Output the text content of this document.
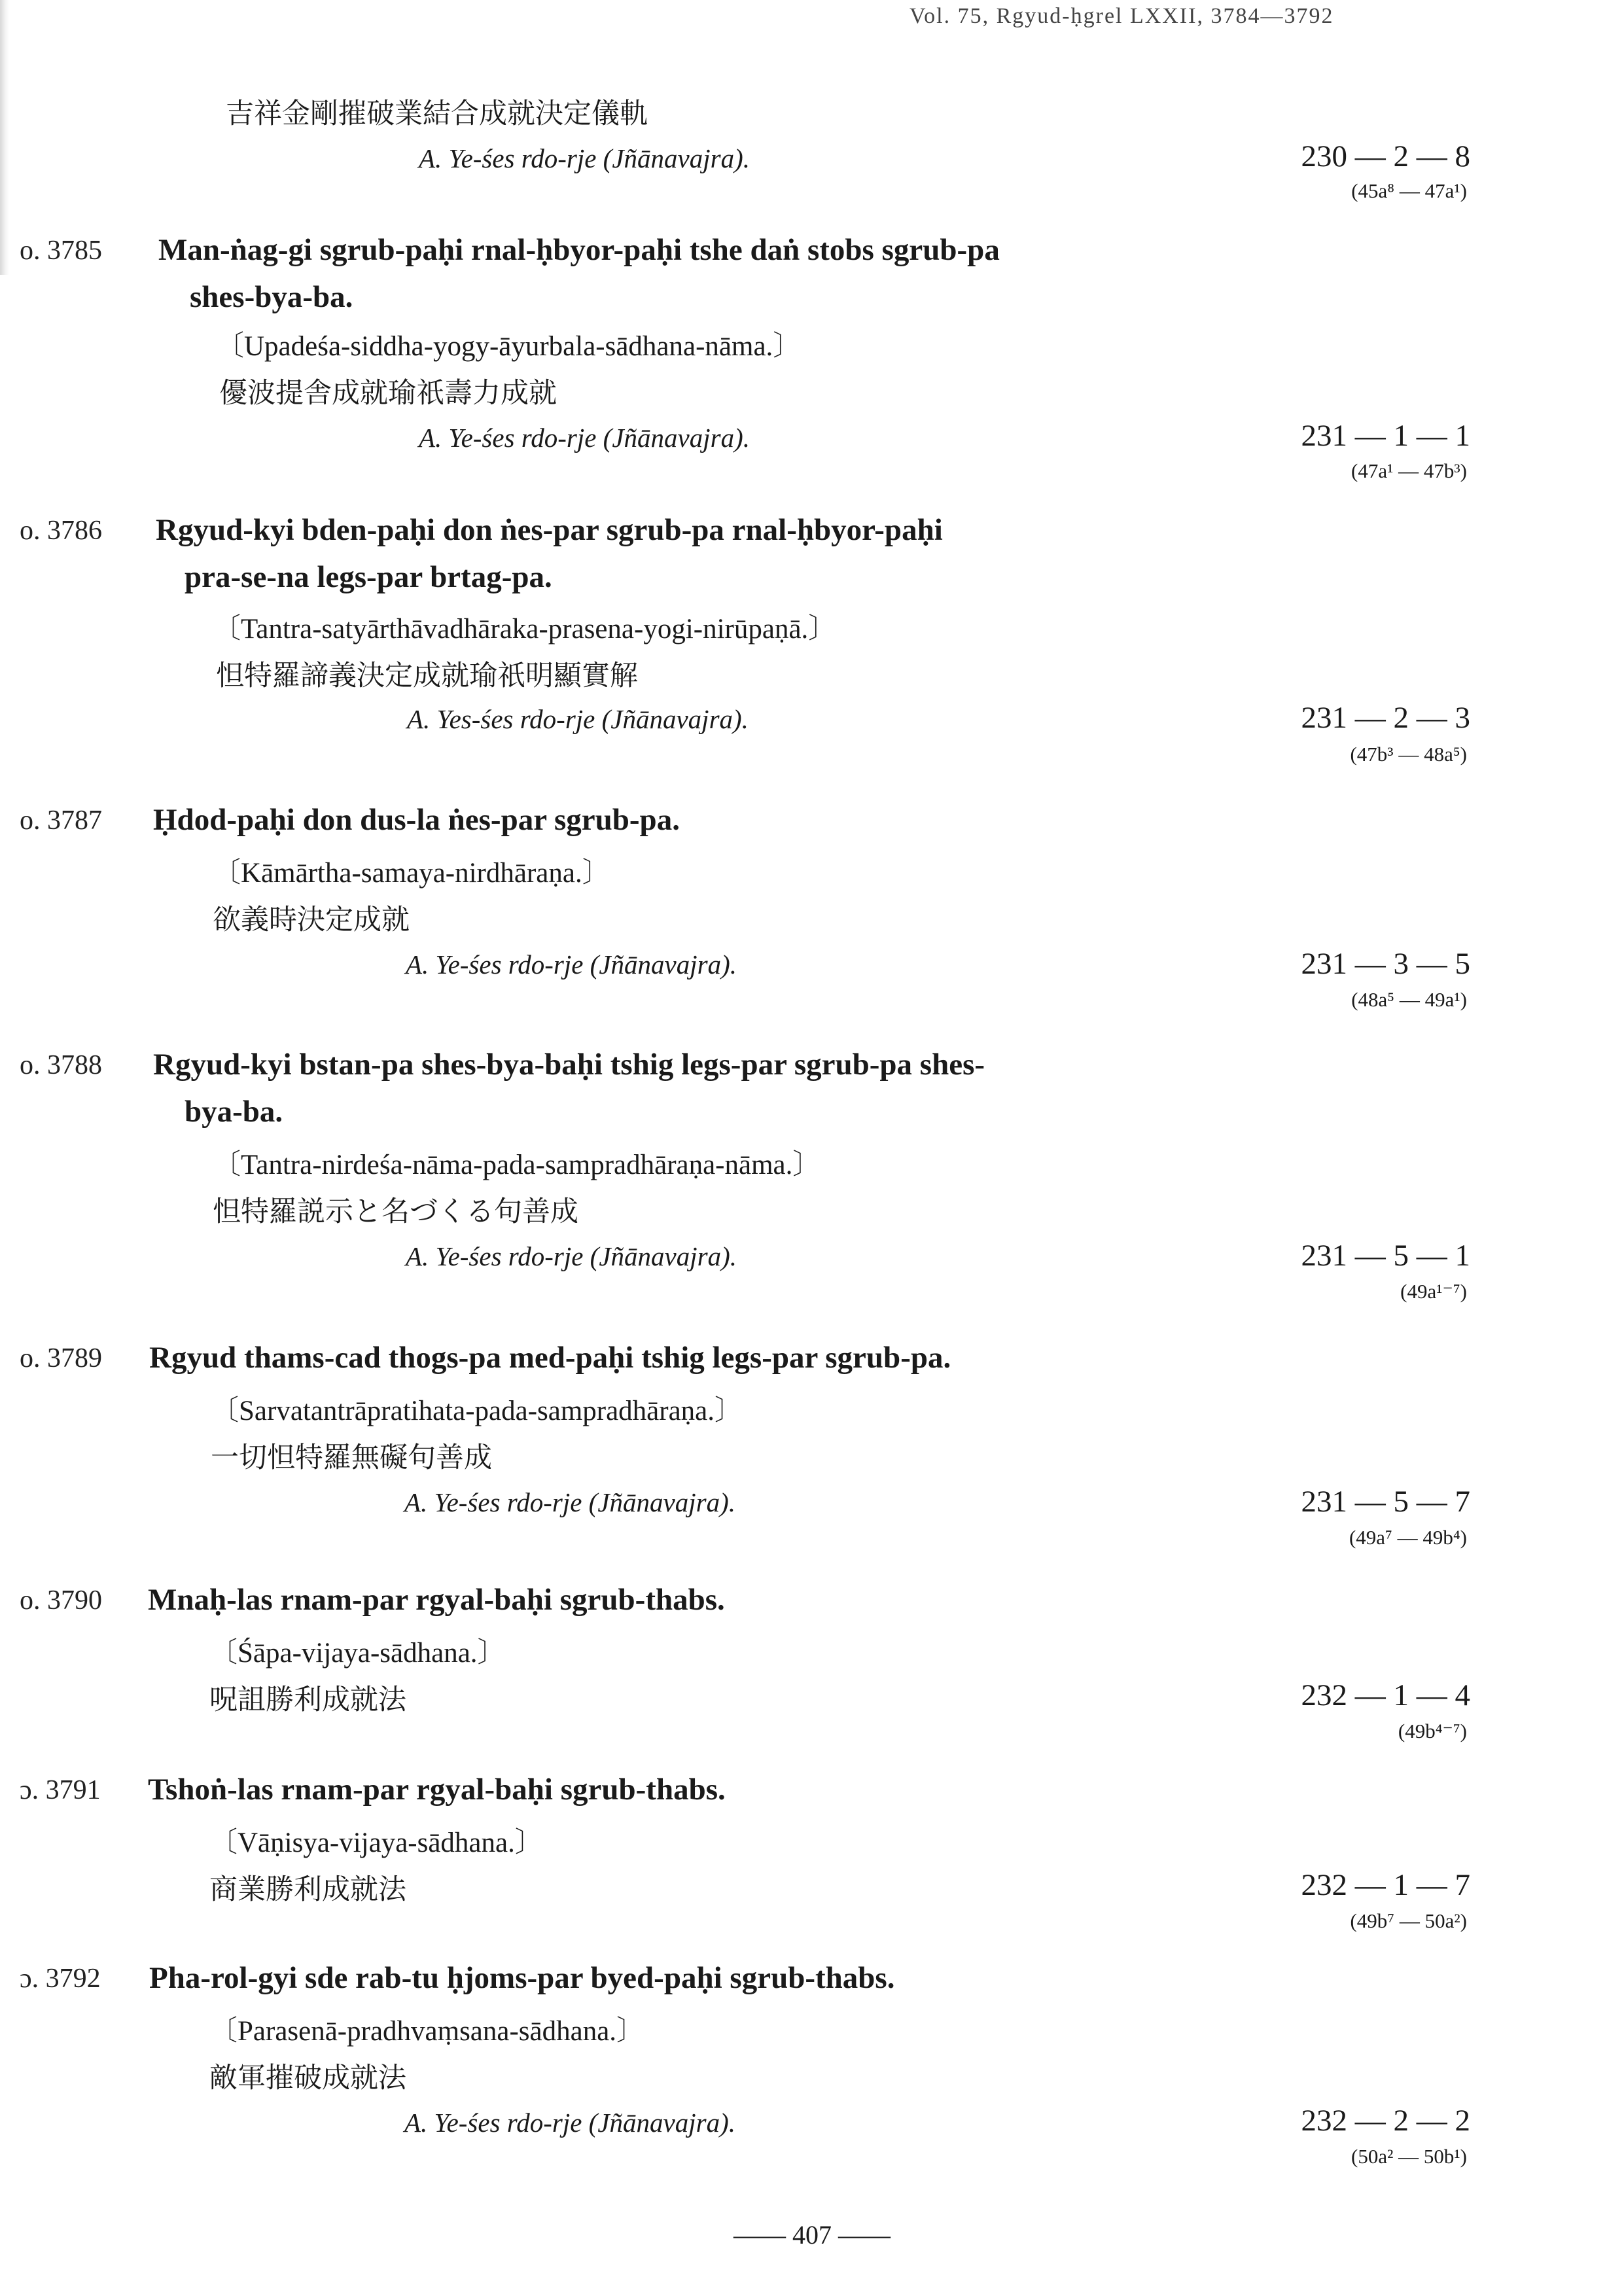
Vol. 75, Rgyud-ḥgrel LXXII, 3784—3792
吉祥金剛摧破業結合成就決定儀軌
A. Ye-śes rdo-rje (Jñānavajra).	230 — 2 — 8
(45a⁸ — 47a¹)
o. 3785 Man-ṅag-gi sgrub-paḥi rnal-ḥbyor-paḥi tshe daṅ stobs sgrub-pa
shes-bya-ba.
〔Upadeśa-siddha-yogy-āyurbala-sādhana-nāma.〕
優波提舎成就瑜祇壽力成就
A. Ye-śes rdo-rje (Jñānavajra).	231 — 1 — 1
(47a¹ — 47b³)
o. 3786 Rgyud-kyi bden-paḥi don ṅes-par sgrub-pa rnal-ḥbyor-paḥi
pra-se-na legs-par brtag-pa.
〔Tantra-satyārthāvadhāraka-prasena-yogi-nirūpaṇā.〕
怛特羅諦義決定成就瑜祇明顯實解
A. Yes-śes rdo-rje (Jñānavajra).	231 — 2 — 3
(47b³ — 48a⁵)
o. 3787 Ḥdod-paḥi don dus-la ṅes-par sgrub-pa.
〔Kāmārtha-samaya-nirdhāraṇa.〕
欲義時決定成就
A. Ye-śes rdo-rje (Jñānavajra).	231 — 3 — 5
(48a⁵ — 49a¹)
o. 3788 Rgyud-kyi bstan-pa shes-bya-baḥi tshig legs-par sgrub-pa shes-
bya-ba.
〔Tantra-nirdeśa-nāma-pada-sampradhāraṇa-nāma.〕
怛特羅説示と名づくる句善成
A. Ye-śes rdo-rje (Jñānavajra).	231 — 5 — 1
(49a¹⁻⁷)
o. 3789 Rgyud thams-cad thogs-pa med-paḥi tshig legs-par sgrub-pa.
〔Sarvatantrāpratihata-pada-sampradhāraṇa.〕
一切怛特羅無礙句善成
A. Ye-śes rdo-rje (Jñānavajra).	231 — 5 — 7
(49a⁷ — 49b⁴)
o. 3790 Mnaḥ-las rnam-par rgyal-baḥi sgrub-thabs.
〔Śāpa-vijaya-sādhana.〕
呪詛勝利成就法	232 — 1 — 4
(49b⁴⁻⁷)
ɔ. 3791 Tshoṅ-las rnam-par rgyal-baḥi sgrub-thabs.
〔Vāṇisya-vijaya-sādhana.〕
商業勝利成就法	232 — 1 — 7
(49b⁷ — 50a²)
ɔ. 3792 Pha-rol-gyi sde rab-tu ḥjoms-par byed-paḥi sgrub-thabs.
〔Parasenā-pradhvaṃsana-sādhana.〕
敵軍摧破成就法
A. Ye-śes rdo-rje (Jñānavajra).	232 — 2 — 2
(50a² — 50b¹)
—— 407 ——
